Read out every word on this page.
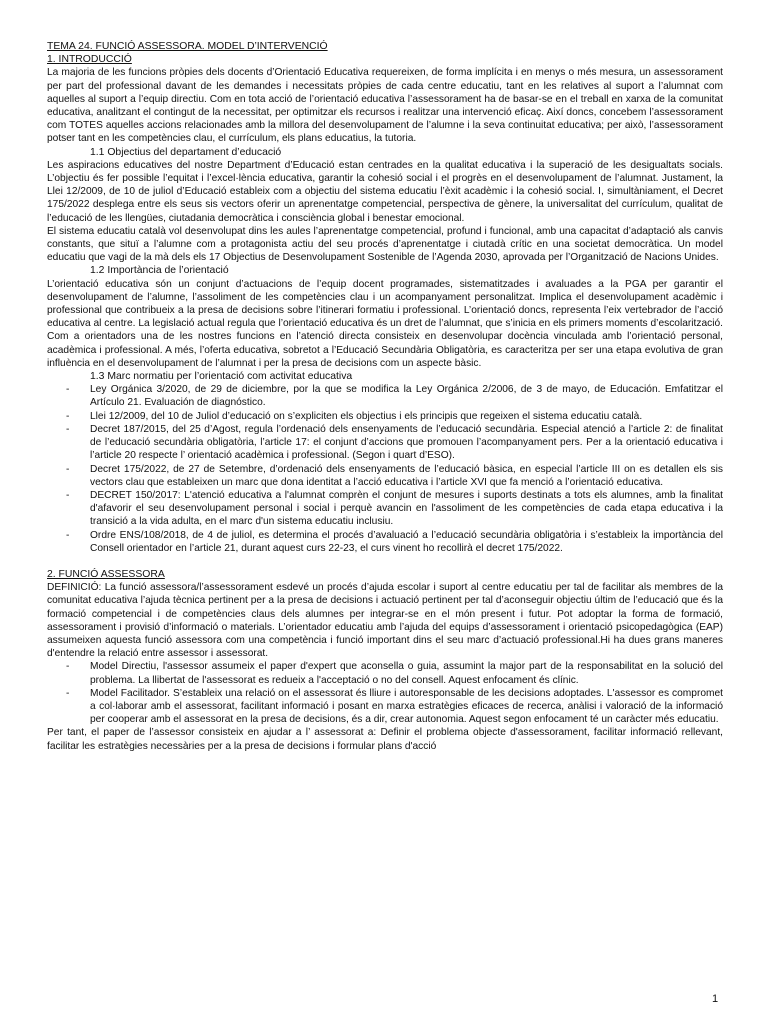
TEMA 24. FUNCIÓ ASSESSORA. MODEL D’INTERVENCIÓ

1. INTRODUCCIÓ

La majoria de les funcions pròpies dels docents d’Orientació Educativa requereixen, de forma implícita i en menys o més mesura, un assessorament per part del professional davant de les demandes i necessitats pròpies de cada centre educatiu, tant en les relatives al suport a l’alumnat com aquelles al suport a l’equip directiu. Com en tota acció de l’orientació educativa l’assessorament ha de basar-se en el treball en xarxa de la comunitat educativa, analitzant el contingut de la necessitat, per optimitzar els recursos i realitzar una intervenció eficaç. Així doncs, concebem l’assessorament com TOTES aquelles accions relacionades amb la millora del desenvolupament de l’alumne i la seva continuitat educativa; per això, l’assessorament potser tant en les competències clau, el currículum, els plans educatius, la tutoria.

1.1 Objectius del departament d’educació

Les aspiracions educatives del nostre Department d’Educació estan centrades en la qualitat educativa i la superació de les desigualtats socials. L’objectiu és fer possible l’equitat i l’excel·lència educativa, garantir la cohesió social i el progrès en el desenvolupament de l’alumnat. Justament, la Llei 12/2009, de 10 de juliol d’Educació estableix com a objectiu del sistema educatiu l’èxit acadèmic i la cohesió social. I, simultàniament, el Decret 175/2022 desplega entre els seus sis vectors oferir un aprenentatge competencial, perspectiva de gènere, la universalitat del currículum, qualitat de l’educació de les llengües, ciutadania democràtica i consciència global i benestar emocional.

El sistema educatiu català vol desenvolupat dins les aules l’aprenentatge competencial, profund i funcional, amb una capacitat d’adaptació als canvis constants, que situï a l’alumne com a protagonista actiu del seu procés d’aprenentatge i ciutadà crític en una societat democràtica. Un model educatiu que vagi de la mà dels els 17 Objectius de Desenvolupament Sostenible de l’Agenda 2030, aprovada per l’Organització de Nacions Unides.

1.2 Importància de l’orientació

L’orientació educativa són un conjunt d’actuacions de l’equip docent programades, sistematitzades i avaluades a la PGA per garantir el desenvolupament de l’alumne, l’assoliment de les competències clau i un acompanyament personalitzat. Implica el desenvolupament acadèmic i professional que contribueix a la presa de decisions sobre l’itinerari formatiu i professional. L’orientació doncs, representa l’eix vertebrador de l’acció educativa al centre. La legislació actual regula que l’orientació educativa és un dret de l’alumnat, que s’inicia en els primers moments d’escolarització. Com a orientadors una de les nostres funcions en l’atenció directa consisteix en desenvolupar docència vinculada amb l’orientació personal, acadèmica i professional. A més, l’oferta educativa, sobretot a l’Educació Secundària Obligatòria, es caracteritza per ser una etapa evolutiva de gran influència en el desenvolupament de l’alumnat i per la presa de decisions com un aspecte bàsic.

1.3 Marc normatiu per l’orientació com activitat educativa

- Ley Orgánica 3/2020, de 29 de diciembre, por la que se modifica la Ley Orgánica 2/2006, de 3 de mayo, de Educación. Emfatitzar el Artículo 21. Evaluación de diagnóstico.
- Llei 12/2009, del 10 de Juliol d’educació on s’expliciten els objectius i els principis que regeixen el sistema educatiu català.
- Decret 187/2015, del 25 d’Agost, regula l’ordenació dels ensenyaments de l’educació secundària. Especial atenció a l’article 2: de finalitat de l’educació secundària obligatòria, l’article 17: el conjunt d’accions que promouen l’acompanyament pers. Per a la orientació educativa i l’article 20 respecte l’ orientació acadèmica i professional. (Segon i quart d’ESO).
- Decret 175/2022, de 27 de Setembre, d’ordenació dels ensenyaments de l’educació bàsica, en especial l’article III on es detallen els sis vectors clau que estableixen un marc que dona identitat a l’acció educativa i l’article XVI que fa menció a l’orientació educativa.
- DECRET 150/2017: L'atenció educativa a l'alumnat comprèn el conjunt de mesures i suports destinats a tots els alumnes, amb la finalitat d'afavorir el seu desenvolupament personal i social i perquè avancin en l'assoliment de les competències de cada etapa educativa i la transició a la vida adulta, en el marc d'un sistema educatiu inclusiu.
- Ordre ENS/108/2018, de 4 de juliol, es determina el procés d’avaluació a l’educació secundària obligatòria i s’estableix la importància del Consell orientador en l’article 21, durant aquest curs 22-23, el curs vinent ho recollirà el decret 175/2022.

2. FUNCIÓ ASSESSORA

DEFINICIÓ: La funció assessora/l’assessorament esdevé un procés d’ajuda escolar i suport al centre educatiu per tal de facilitar als membres de la comunitat educativa l’ajuda tècnica pertinent per a la presa de decisions i actuació pertinent per tal d’aconseguir objectiu últim de l’educació que és la formació competencial i de competències claus dels alumnes per integrar-se en el món present i futur. Pot adoptar la forma de formació, assessorament i provisió d’informació o materials. L’orientador educatiu amb l’ajuda del equips d’assessorament i orientació psicopedagògica (EAP) assumeixen aquesta funció assessora com una competència i funció important dins el seu marc d’actuació professional.Hi ha dues grans maneres d'entendre la relació entre assessor i assessorat.

- Model Directiu, l'assessor assumeix el paper d'expert que aconsella o guia, assumint la major part de la responsabilitat en la solució del problema. La llibertat de l'assessorat es redueix a l'acceptació o no del consell. Aquest enfocament és clínic.
- Model Facilitador. S’estableix una relació on el assessorat és lliure i autoresponsable de les decisions adoptades. L'assessor es compromet a col·laborar amb el assessorat, facilitant informació i posant en marxa estratègies eficaces de recerca, anàlisi i valoració de la informació per cooperar amb el assessorat en la presa de decisions, és a dir, crear autonomia. Aquest segon enfocament té un caràcter més educatiu.

Per tant, el paper de l’assessor consisteix en ajudar a l’ assessorat a: Definir el problema objecte d'assessorament, facilitar informació rellevant, facilitar les estratègies necessàries per a la presa de decisions i formular plans d'acció

1
